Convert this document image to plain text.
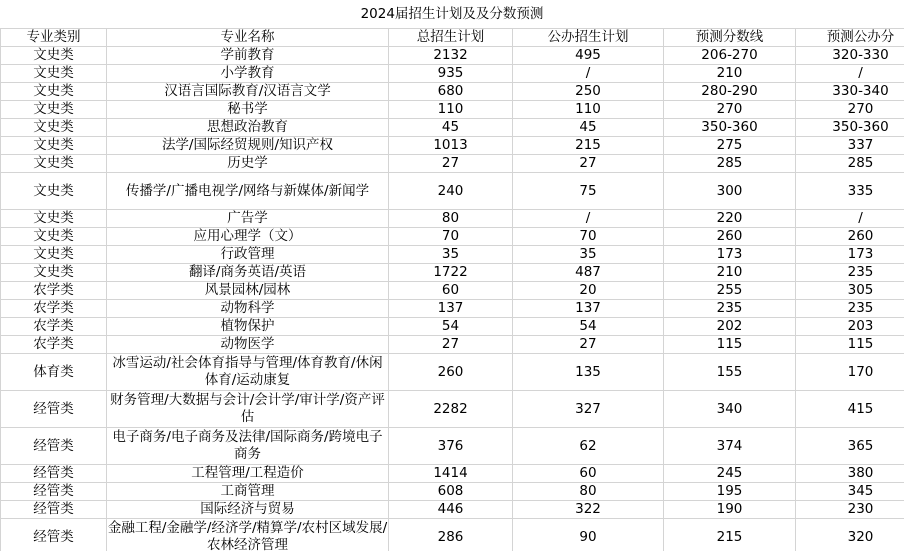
2024届招生计划及及分数预测
专业类别	专业名称	总招生计划	公办招生计划	预测分数线	预测公办分
文史类	学前教育	2132	495	206-270	320-330
文史类	小学教育	935	/	210	/
文史类	汉语言国际教育/汉语言文学	680	250	280-290	330-340
文史类	秘书学	110	110	270	270
文史类	思想政治教育	45	45	350-360	350-360
文史类	法学/国际经贸规则/知识产权	1013	215	275	337
文史类	历史学	27	27	285	285
文史类	传播学/广播电视学/网络与新媒体/新闻学	240	75	300	335
文史类	广告学	80	/	220	/
文史类	应用心理学（文）	70	70	260	260
文史类	行政管理	35	35	173	173
文史类	翻译/商务英语/英语	1722	487	210	235
农学类	风景园林/园林	60	20	255	305
农学类	动物科学	137	137	235	235
农学类	植物保护	54	54	202	203
农学类	动物医学	27	27	115	115
体育类	冰雪运动/社会体育指导与管理/体育教育/休闲体育/运动康复	260	135	155	170
经管类	财务管理/大数据与会计/会计学/审计学/资产评估	2282	327	340	415
经管类	电子商务/电子商务及法律/国际商务/跨境电子商务	376	62	374	365
经管类	工程管理/工程造价	1414	60	245	380
经管类	工商管理	608	80	195	345
经管类	国际经济与贸易	446	322	190	230
经管类	金融工程/金融学/经济学/精算学/农村区域发展/农林经济管理	286	90	215	320
